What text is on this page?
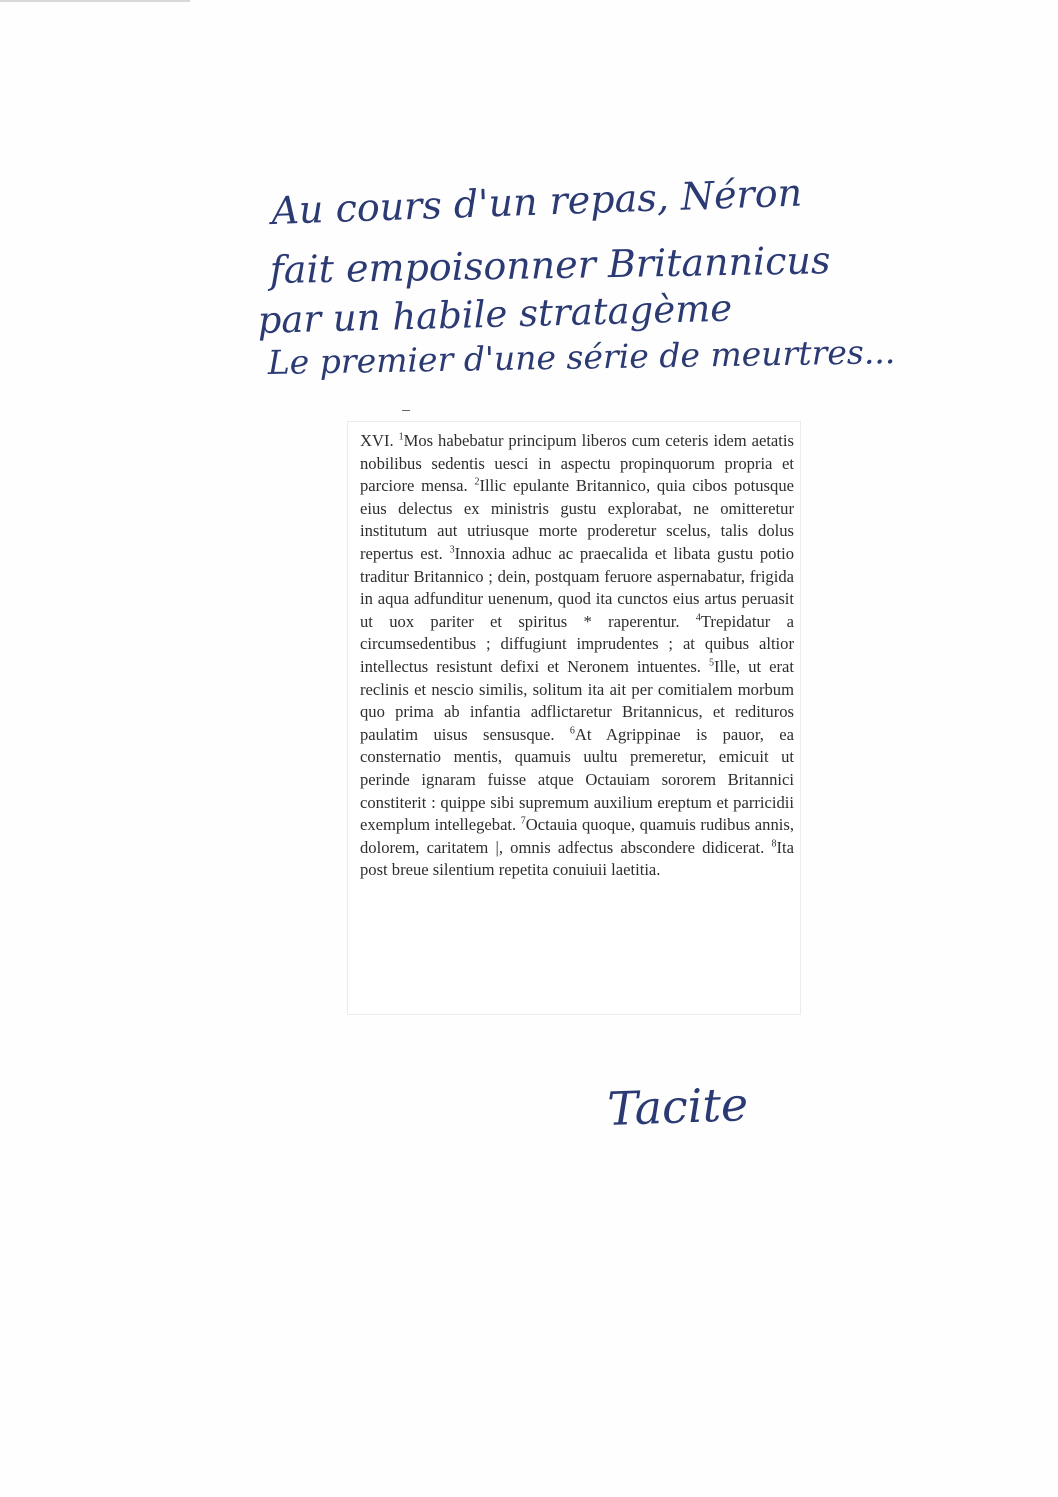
Au cours d'un repas, Néron
fait empoisonner Britannicus
par un habile stratagème
Le premier d'une série de meurtres...
Tacite

XVI. $^1$Mos habebatur principum liberos cum ceteris idem aetatis nobilibus sedentis uesci in aspectu propinquorum propria et parciore mensa. $^2$Illic epulante Britannico, quia cibos potusque eius delectus ex ministris gustu explorabat, ne omitteretur institutum aut utriusque morte proderetur scelus, talis dolus repertus est. $^3$Innoxia adhuc ac praecalida et libata gustu potio traditur Britannico ; dein, postquam feruore aspernabatur, frigida in aqua adfunditur uenenum, quod ita cunctos eius artus peruasit ut uox pariter et spiritus * raperentur. $^4$Trepidatur a circumsedentibus ; diffugiunt imprudentes ; at quibus altior intellectus resistunt defixi et Neronem intuentes. $^5$Ille, ut erat reclinis et nescio similis, solitum ita ait per comitialem morbum quo prima ab infantia adflictaretur Britannicus, et redituros paulatim uisus sensusque. $^6$At Agrippinae is pauor, ea consternatio mentis, quamuis uultu premeretur, emicuit ut perinde ignaram fuisse atque Octauiam sororem Britannici constiterit : quippe sibi supremum auxilium ereptum et parricidii exemplum intellegebat. $^7$Octauia quoque, quamuis rudibus annis, dolorem, caritatem |, omnis adfectus abscondere didicerat. $^8$Ita post breue silentium repetita conuiuii laetitia.
